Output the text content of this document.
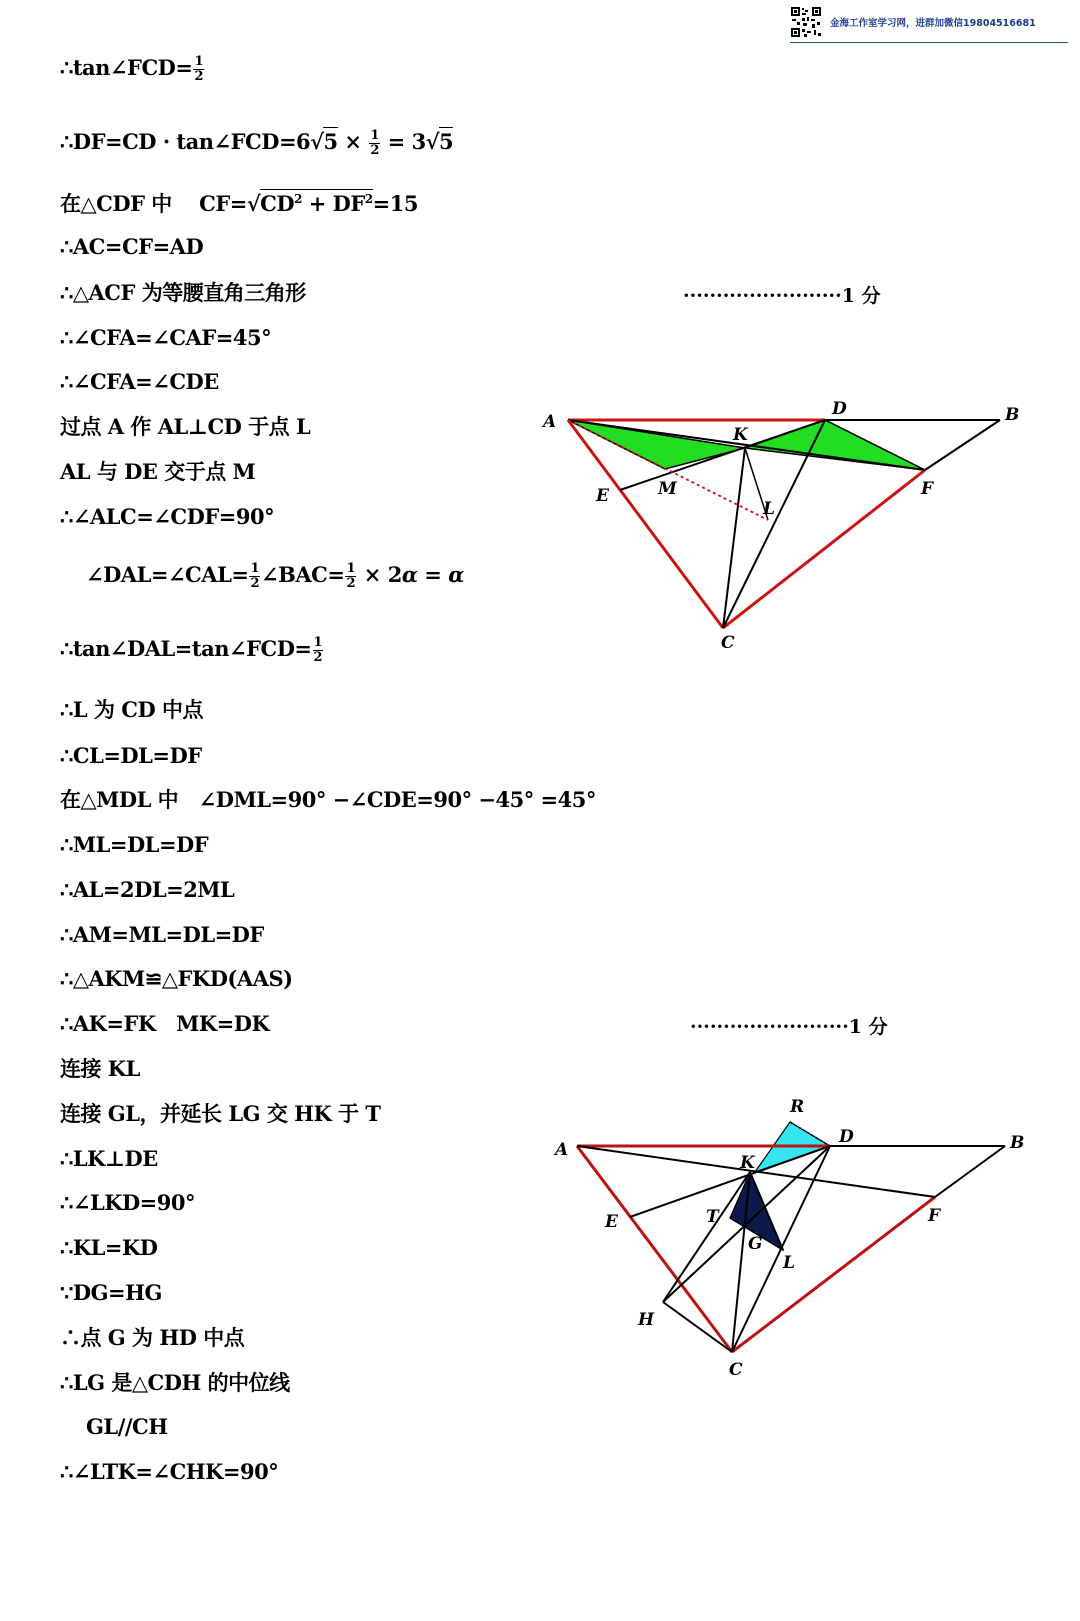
金海工作室学习网，进群加微信19804516681
∴tan∠FCD= $\frac{1}{2}$
∴DF=CD · tan∠FCD=6√5 × $\frac{1}{2} = 3√5$
在△CDF 中　 $CF=√CD^2 + DF^2=15$
∴AC=CF=AD
∴△ACF 为等腰直角三角形
∴∠CFA=∠CAF=45°
∴∠CFA=∠CDE
过点 A 作 AL⊥CD 于点 L
AL 与 DE 交于点 M
∴∠ALC=∠CDF=90°
∠DAL=∠CAL= $\frac{1}{2}$ ∠BAC= $\frac{1}{2} \times 2\alpha = \alpha$
∴tan∠DAL=tan∠FCD= $\frac{1}{2}$
∴L 为 CD 中点
∴CL=DL=DF
在△MDL 中　∠DML=90° −∠CDE=90° −45° =45°
∴ML=DL=DF
∴AL=2DL=2ML
∴AM=ML=DL=DF
∴△AKM≌△FKD(AAS)
∴AK=FK　MK=DK
连接 KL
连接 GL，并延长 LG 交 HK 于 T
∴LK⊥DE
∴∠LKD=90°
∴KL=KD
∵DG=HG
∴点 G 为 HD 中点
∴LG 是△CDH 的中位线
GL//CH
∴∠LTK=∠CHK=90°
························1 分
························1 分
A
D	B
K
E	M	F
L
C
R
A
D	B
K
E	F
T
G
L
H
C
